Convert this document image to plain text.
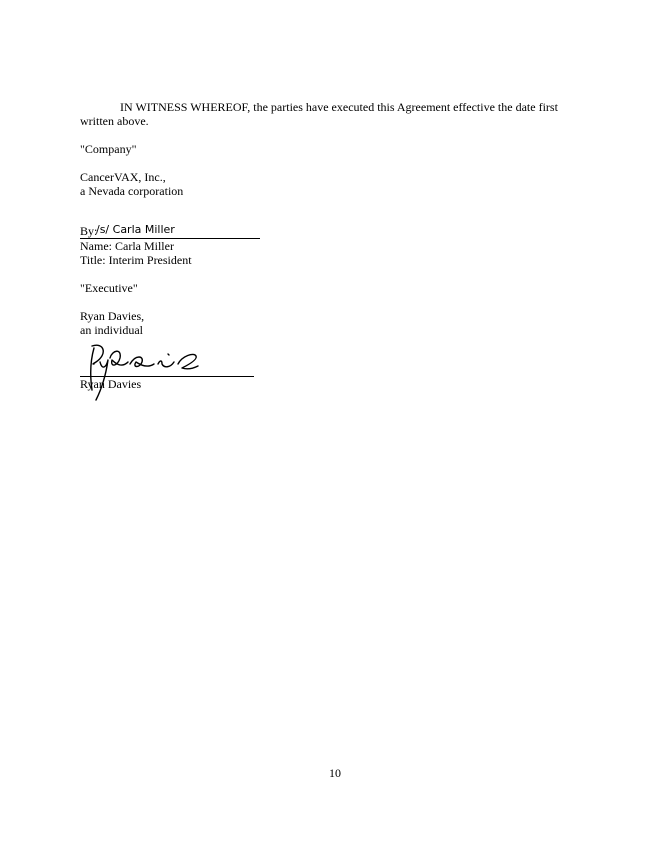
IN WITNESS WHEREOF, the parties have executed this Agreement effective the date first written above.
"Company"
CancerVAX, Inc.,
a Nevada corporation
By:
/s/ Carla Miller
Name: Carla Miller
Title: Interim President
"Executive"
Ryan Davies,
an individual
Ryan Davies
10
